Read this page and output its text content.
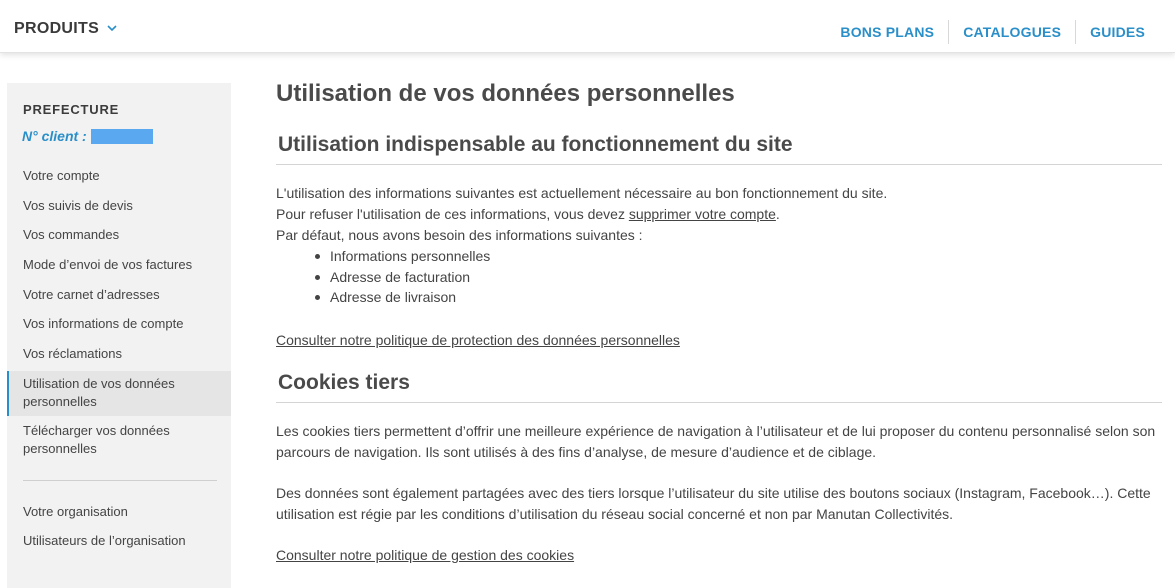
PRODUITS	BONS PLANS	CATALOGUES	GUIDES
PREFECTURE
N° client :
Votre compte
Vos suivis de devis
Vos commandes
Mode d’envoi de vos factures
Votre carnet d’adresses
Vos informations de compte
Vos réclamations
Utilisation de vos données personnelles
Télécharger vos données personnelles
Votre organisation
Utilisateurs de l’organisation
Utilisation de vos données personnelles
Utilisation indispensable au fonctionnement du site
L'utilisation des informations suivantes est actuellement nécessaire au bon fonctionnement du site.
Pour refuser l'utilisation de ces informations, vous devez supprimer votre compte.
Par défaut, nous avons besoin des informations suivantes :
Informations personnelles
Adresse de facturation
Adresse de livraison
Consulter notre politique de protection des données personnelles
Cookies tiers
Les cookies tiers permettent d’offrir une meilleure expérience de navigation à l’utilisateur et de lui proposer du contenu personnalisé selon son parcours de navigation. Ils sont utilisés à des fins d’analyse, de mesure d’audience et de ciblage.
Des données sont également partagées avec des tiers lorsque l’utilisateur du site utilise des boutons sociaux (Instagram, Facebook…). Cette utilisation est régie par les conditions d’utilisation du réseau social concerné et non par Manutan Collectivités.
Consulter notre politique de gestion des cookies
